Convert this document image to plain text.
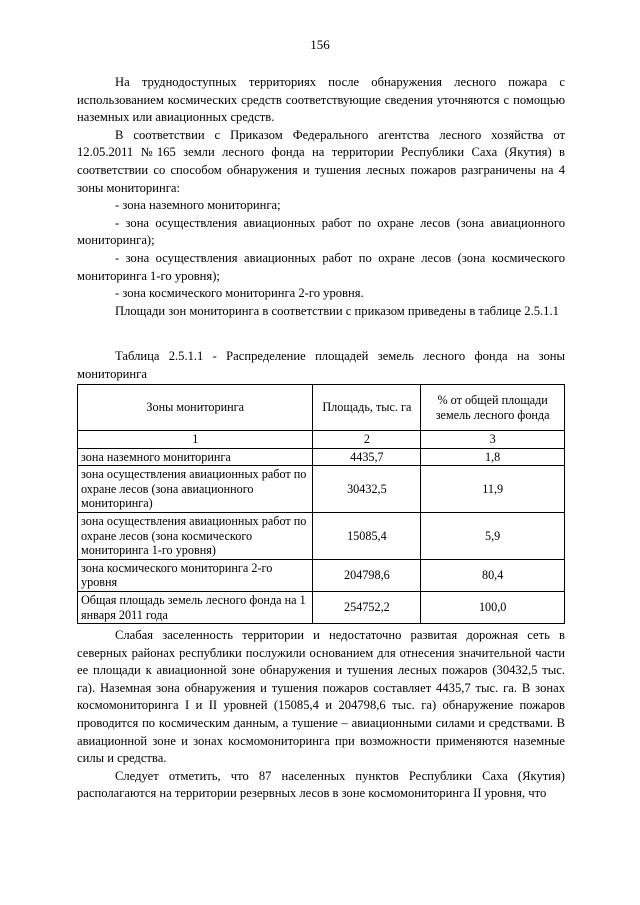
156

На труднодоступных территориях после обнаружения лесного пожара с использованием космических средств соответствующие сведения уточняются с помощью наземных или авиационных средств.

В соответствии с Приказом Федерального агентства лесного хозяйства от 12.05.2011 №165 земли лесного фонда на территории Республики Саха (Якутия) в соответствии со способом обнаружения и тушения лесных пожаров разграничены на 4 зоны мониторинга:

- зона наземного мониторинга;

- зона осуществления авиационных работ по охране лесов (зона авиационного мониторинга);

- зона осуществления авиационных работ по охране лесов (зона космического мониторинга 1-го уровня);

- зона космического мониторинга 2-го уровня.

Площади зон мониторинга в соответствии с приказом приведены в таблице 2.5.1.1

Таблица 2.5.1.1 - Распределение площадей земель лесного фонда на зоны мониторинга

Зоны мониторинга	Площадь, тыс. га	% от общей площади земель лесного фонда
1	2	3
зона наземного мониторинга	4435,7	1,8
зона осуществления авиационных работ по охране лесов (зона авиационного мониторинга)	30432,5	11,9
зона осуществления авиационных работ по охране лесов (зона космического мониторинга 1-го уровня)	15085,4	5,9
зона космического мониторинга 2-го уровня	204798,6	80,4
Общая площадь земель лесного фонда на 1 января 2011 года	254752,2	100,0

Слабая заселенность территории и недостаточно развитая дорожная сеть в северных районах республики послужили основанием для отнесения значительной части ее площади к авиационной зоне обнаружения и тушения лесных пожаров (30432,5 тыс. га). Наземная зона обнаружения и тушения пожаров составляет 4435,7 тыс. га. В зонах космомониторинга I и II уровней (15085,4 и 204798,6 тыс. га) обнаружение пожаров проводится по космическим данным, а тушение – авиационными силами и средствами. В авиационной зоне и зонах космомониторинга при возможности применяются наземные силы и средства.

Следует отметить, что 87 населенных пунктов Республики Саха (Якутия) располагаются на территории резервных лесов в зоне космомониторинга II уровня, что
